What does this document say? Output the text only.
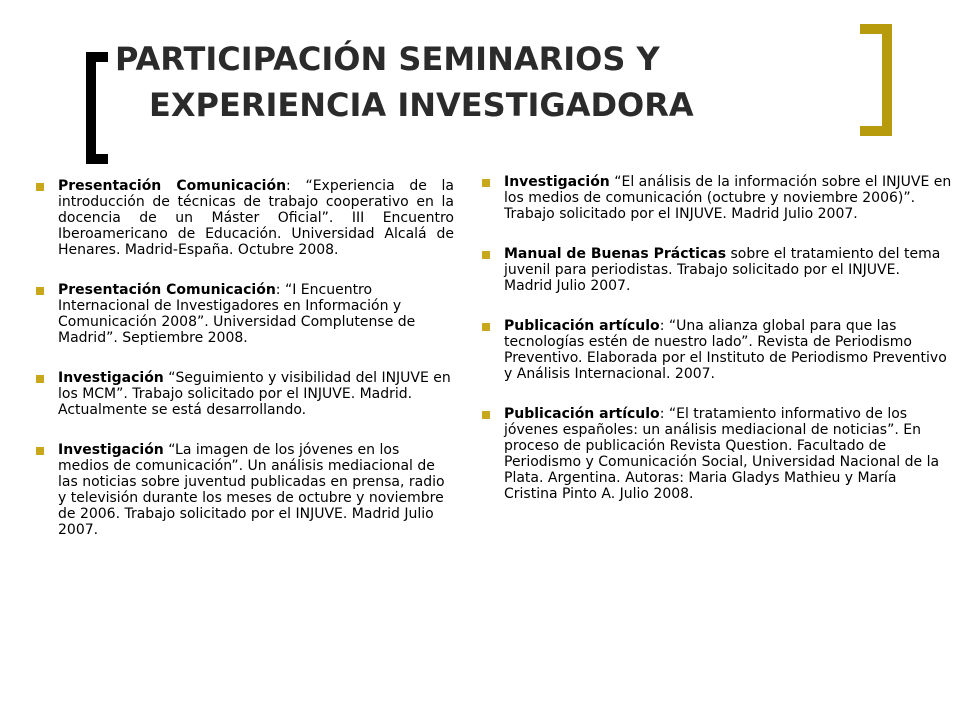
PARTICIPACIÓN SEMINARIOS Y
EXPERIENCIA INVESTIGADORA
Presentación Comunicación: “Experiencia de la introducción de técnicas de trabajo cooperativo en la docencia de un Máster Oficial”. III Encuentro Iberoamericano de Educación. Universidad Alcalá de Henares. Madrid-España. Octubre 2008.
Presentación Comunicación: “I Encuentro Internacional de Investigadores en Información y Comunicación 2008”. Universidad Complutense de Madrid”. Septiembre 2008.
Investigación “Seguimiento y visibilidad del INJUVE en los MCM”. Trabajo solicitado por el INJUVE. Madrid. Actualmente se está desarrollando.
Investigación “La imagen de los jóvenes en los medios de comunicación”. Un análisis mediacional de las noticias sobre juventud publicadas en prensa, radio y televisión durante los meses de octubre y noviembre de 2006. Trabajo solicitado por el INJUVE. Madrid Julio 2007.
Investigación “El análisis de la información sobre el INJUVE en los medios de comunicación (octubre y noviembre 2006)”. Trabajo solicitado por el INJUVE. Madrid Julio 2007.
Manual de Buenas Prácticas sobre el tratamiento del tema juvenil para periodistas. Trabajo solicitado por el INJUVE. Madrid Julio 2007.
Publicación artículo: “Una alianza global para que las tecnologías estén de nuestro lado”. Revista de Periodismo Preventivo. Elaborada por el Instituto de Periodismo Preventivo y Análisis Internacional. 2007.
Publicación artículo: “El tratamiento informativo de los jóvenes españoles: un análisis mediacional de noticias”. En proceso de publicación Revista Question. Facultado de Periodismo y Comunicación Social, Universidad Nacional de la Plata. Argentina. Autoras: Maria Gladys Mathieu y María Cristina Pinto A. Julio 2008.
